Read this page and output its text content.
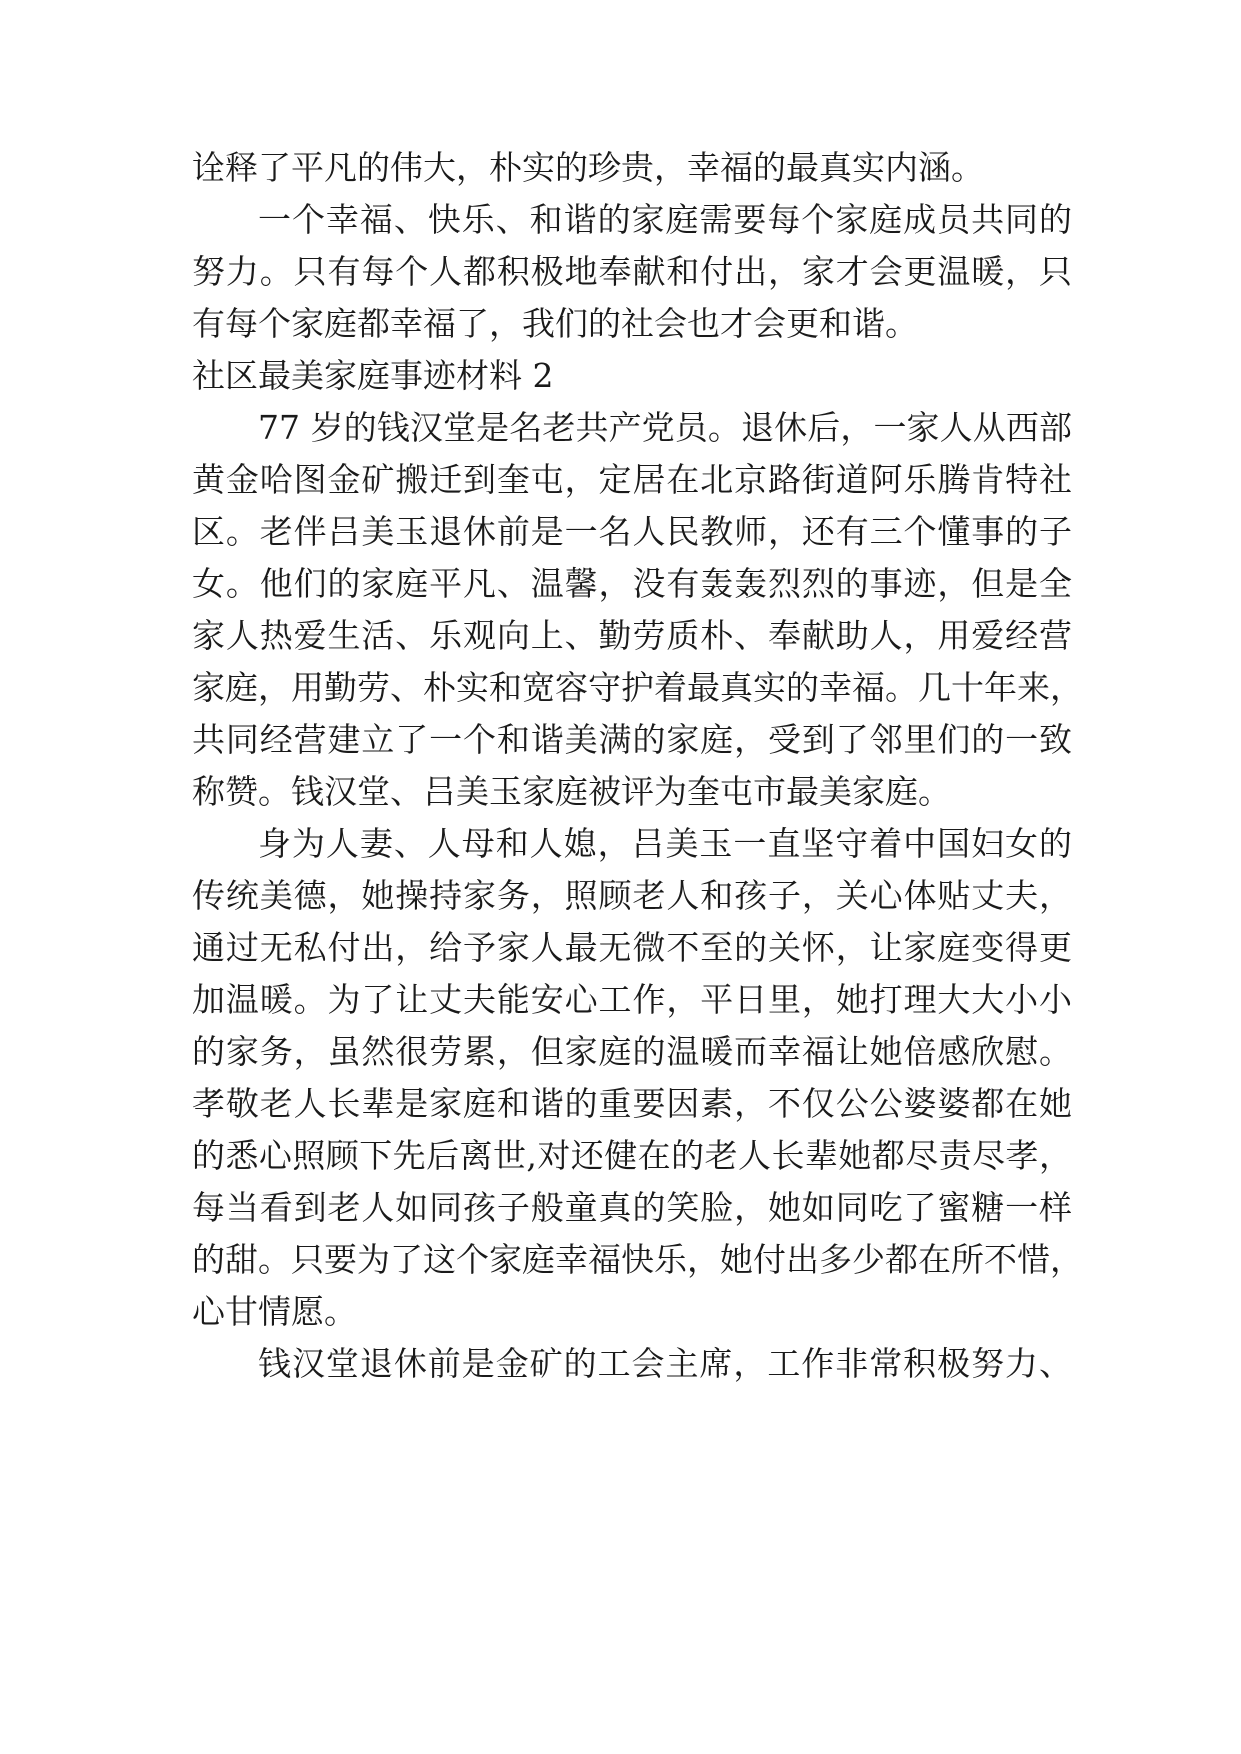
诠释了平凡的伟大，朴实的珍贵，幸福的最真实内涵。
一个幸福、快乐、和谐的家庭需要每个家庭成员共同的
努力。只有每个人都积极地奉献和付出，家才会更温暖，只
有每个家庭都幸福了，我们的社会也才会更和谐。
社区最美家庭事迹材料 2
77 岁的钱汉堂是名老共产党员。退休后，一家人从西部
黄金哈图金矿搬迁到奎屯，定居在北京路街道阿乐腾肯特社
区。老伴吕美玉退休前是一名人民教师，还有三个懂事的子
女。他们的家庭平凡、温馨，没有轰轰烈烈的事迹，但是全
家人热爱生活、乐观向上、勤劳质朴、奉献助人，用爱经营
家庭，用勤劳、朴实和宽容守护着最真实的幸福。几十年来，
共同经营建立了一个和谐美满的家庭，受到了邻里们的一致
称赞。钱汉堂、吕美玉家庭被评为奎屯市最美家庭。
身为人妻、人母和人媳，吕美玉一直坚守着中国妇女的
传统美德，她操持家务，照顾老人和孩子，关心体贴丈夫，
通过无私付出，给予家人最无微不至的关怀，让家庭变得更
加温暖。为了让丈夫能安心工作，平日里，她打理大大小小
的家务，虽然很劳累，但家庭的温暖而幸福让她倍感欣慰。
孝敬老人长辈是家庭和谐的重要因素，不仅公公婆婆都在她
的悉心照顾下先后离世,对还健在的老人长辈她都尽责尽孝，
每当看到老人如同孩子般童真的笑脸，她如同吃了蜜糖一样
的甜。只要为了这个家庭幸福快乐，她付出多少都在所不惜，
心甘情愿。
钱汉堂退休前是金矿的工会主席，工作非常积极努力、
